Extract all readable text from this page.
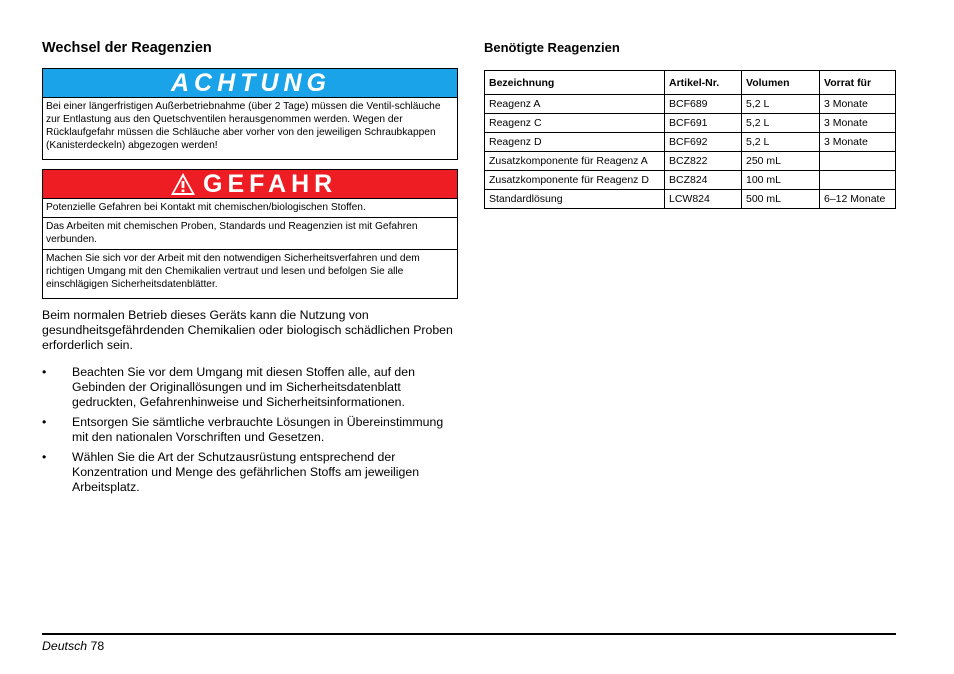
Wechsel der Reagenzien
ACHTUNG

Bei einer längerfristigen Außerbetriebnahme (über 2 Tage) müssen die Ventil-schläuche zur Entlastung aus den Quetschventilen herausgenommen werden. Wegen der Rücklaufgefahr müssen die Schläuche aber vorher von den jeweiligen Schraubkappen (Kanisterdeckeln) abgezogen werden!

GEFAHR

Potenzielle Gefahren bei Kontakt mit chemischen/biologischen Stoffen.

Das Arbeiten mit chemischen Proben, Standards und Reagenzien ist mit Gefahren verbunden.

Machen Sie sich vor der Arbeit mit den notwendigen Sicherheitsverfahren und dem richtigen Umgang mit den Chemikalien vertraut und lesen und befolgen Sie alle einschlägigen Sicherheitsdatenblätter.

Beim normalen Betrieb dieses Geräts kann die Nutzung von gesundheitsgefährdenden Chemikalien oder biologisch schädlichen Proben erforderlich sein.

•	Beachten Sie vor dem Umgang mit diesen Stoffen alle, auf den Gebinden der Originallösungen und im Sicherheitsdatenblatt gedruckten, Gefahrenhinweise und Sicherheitsinformationen.
•	Entsorgen Sie sämtliche verbrauchte Lösungen in Übereinstimmung mit den nationalen Vorschriften und Gesetzen.
•	Wählen Sie die Art der Schutzausrüstung entsprechend der Konzentration und Menge des gefährlichen Stoffs am jeweiligen Arbeitsplatz.
Benötigte Reagenzien
Bezeichnung	Artikel-Nr.	Volumen	Vorrat für
Reagenz A	BCF689	5,2 L	3 Monate
Reagenz C	BCF691	5,2 L	3 Monate
Reagenz D	BCF692	5,2 L	3 Monate
Zusatzkomponente für Reagenz A	BCZ822	250 mL	
Zusatzkomponente für Reagenz D	BCZ824	100 mL	
Standardlösung	LCW824	500 mL	6–12 Monate
Deutsch 78
